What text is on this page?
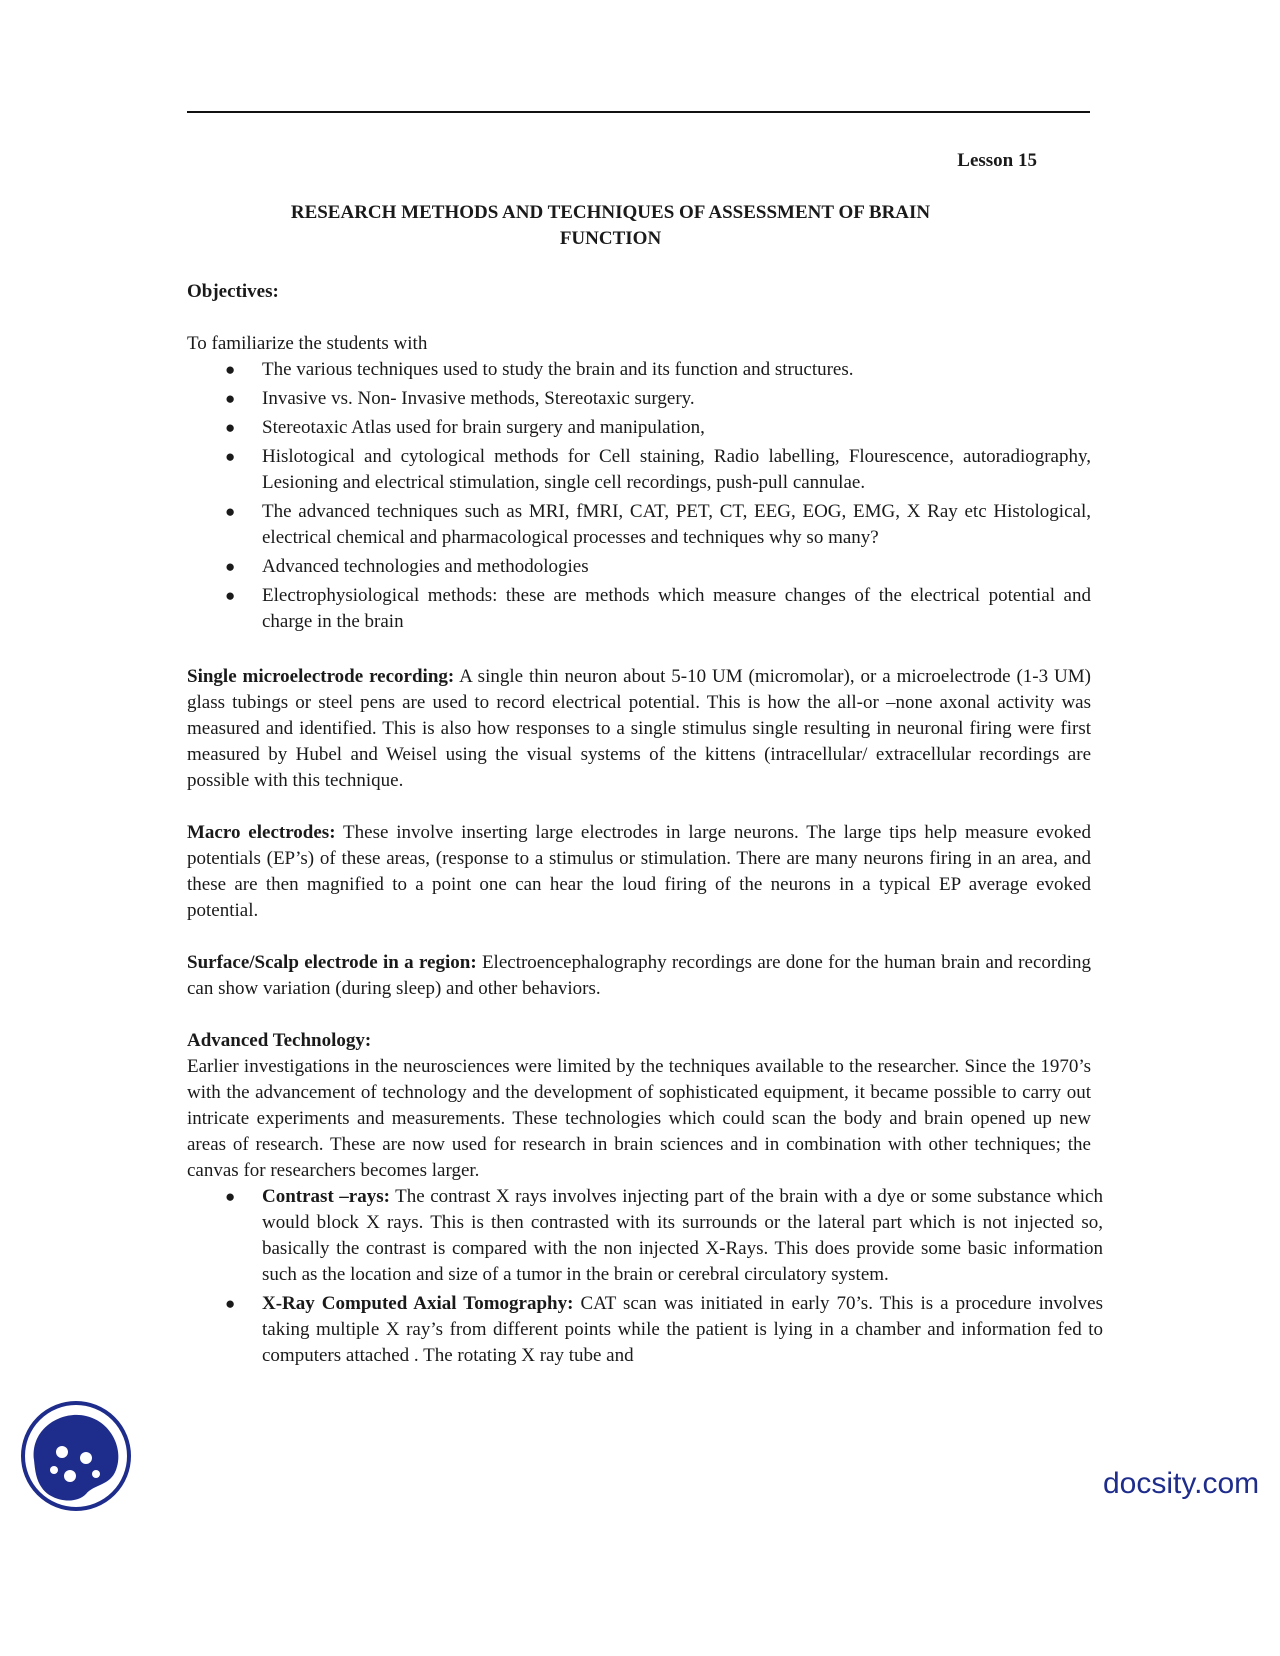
Lesson 15
RESEARCH METHODS AND TECHNIQUES OF ASSESSMENT OF BRAIN
FUNCTION

Objectives:

To familiarize the students with

● The various techniques used to study the brain and its function and structures.
● Invasive vs. Non- Invasive methods, Stereotaxic surgery.
● Stereotaxic Atlas used for brain surgery and manipulation,
● Hislotogical and cytological methods for Cell staining, Radio labelling, Flourescence, autoradiography, Lesioning and electrical stimulation, single cell recordings, push-pull cannulae.
● The advanced techniques such as MRI, fMRI, CAT, PET, CT, EEG, EOG, EMG, X Ray etc Histological, electrical chemical and pharmacological processes and techniques why so many?
● Advanced technologies and methodologies
● Electrophysiological methods: these are methods which measure changes of the electrical potential and charge in the brain

Single microelectrode recording: A single thin neuron about 5-10 UM (micromolar), or a microelectrode (1-3 UM) glass tubings or steel pens are used to record electrical potential. This is how the all-or –none axonal activity was measured and identified. This is also how responses to a single stimulus single resulting in neuronal firing were first measured by Hubel and Weisel using the visual systems of the kittens (intracellular/ extracellular recordings are possible with this technique.

Macro electrodes: These involve inserting large electrodes in large neurons. The large tips help measure evoked potentials (EP’s) of these areas, (response to a stimulus or stimulation. There are many neurons firing in an area, and these are then magnified to a point one can hear the loud firing of the neurons in a typical EP average evoked potential.

Surface/Scalp electrode in a region: Electroencephalography recordings are done for the human brain and recording can show variation (during sleep) and other behaviors.

Advanced Technology:

Earlier investigations in the neurosciences were limited by the techniques available to the researcher. Since the 1970’s with the advancement of technology and the development of sophisticated equipment, it became possible to carry out intricate experiments and measurements. These technologies which could scan the body and brain opened up new areas of research. These are now used for research in brain sciences and in combination with other techniques; the canvas for researchers becomes larger.

● Contrast –rays: The contrast X rays involves injecting part of the brain with a dye or some substance which would block X rays. This is then contrasted with its surrounds or the lateral part which is not injected so, basically the contrast is compared with the non injected X-Rays. This does provide some basic information such as the location and size of a tumor in the brain or cerebral circulatory system.
● X-Ray Computed Axial Tomography: CAT scan was initiated in early 70’s. This is a procedure involves taking multiple X ray’s from different points while the patient is lying in a chamber and information fed to computers attached . The rotating X ray tube and
docsity.com
